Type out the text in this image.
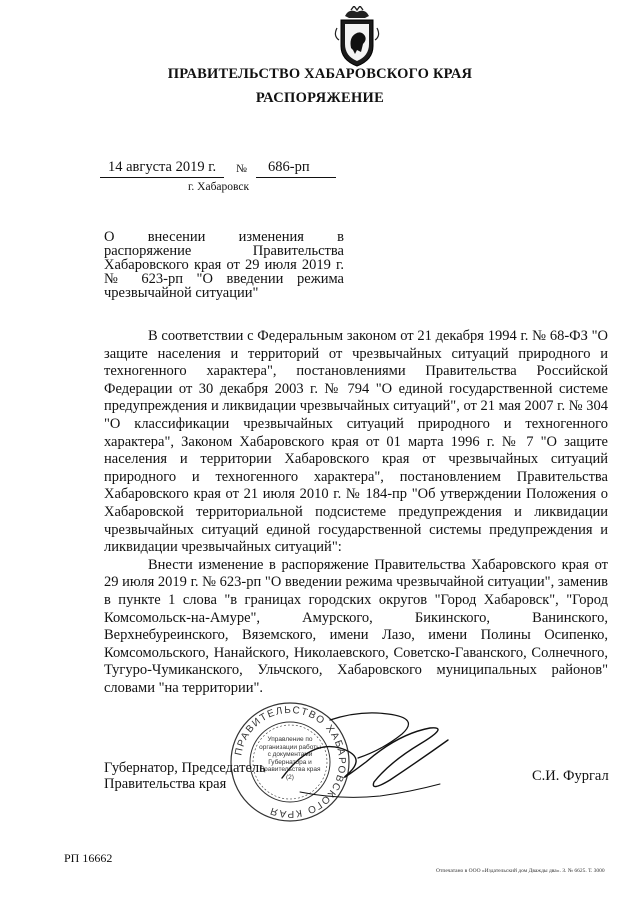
ПРАВИТЕЛЬСТВО ХАБАРОВСКОГО КРАЯ
РАСПОРЯЖЕНИЕ
14 августа 2019 г. № 686-рп
г. Хабаровск
О внесении изменения в распоряжение Правительства Хабаровского края от 29 июля 2019 г. № 623-рп "О введении режима чрезвычайной ситуации"

В соответствии с Федеральным законом от 21 декабря 1994 г. № 68-ФЗ "О защите населения и территорий от чрезвычайных ситуаций природного и техногенного характера", постановлениями Правительства Российской Федерации от 30 декабря 2003 г. № 794 "О единой государственной системе предупреждения и ликвидации чрезвычайных ситуаций", от 21 мая 2007 г. № 304 "О классификации чрезвычайных ситуаций природного и техногенного характера", Законом Хабаровского края от 01 марта 1996 г. № 7 "О защите населения и территории Хабаровского края от чрезвычайных ситуаций природного и техногенного характера", постановлением Правительства Хабаровского края от 21 июля 2010 г. № 184-пр "Об утверждении Положения о Хабаровской территориальной подсистеме предупреждения и ликвидации чрезвычайных ситуаций единой государственной системы предупреждения и ликвидации чрезвычайных ситуаций":

Внести изменение в распоряжение Правительства Хабаровского края от 29 июля 2019 г. № 623-рп "О введении режима чрезвычайной ситуации", заменив в пункте 1 слова "в границах городских округов "Город Хабаровск", "Город Комсомольск-на-Амуре", Амурского, Бикинского, Ванинского, Верхнебуреинского, Вяземского, имени Лазо, имени Полины Осипенко, Комсомольского, Нанайского, Николаевского, Советско-Гаванского, Солнечного, Тугуро-Чумиканского, Ульчского, Хабаровского муниципальных районов" словами "на территории".

ПРАВИТЕЛЬСТВО ХАБАРОВСКОГО КРАЯ
Управление по организации работы с документами Губернатора и Правительства края (2)
Губернатор, Председатель
Правительства края	С.И. Фургал
РП 16662
Отпечатано в ООО «Издательский дом Дважды два». З. № 6625. Т. 3000
